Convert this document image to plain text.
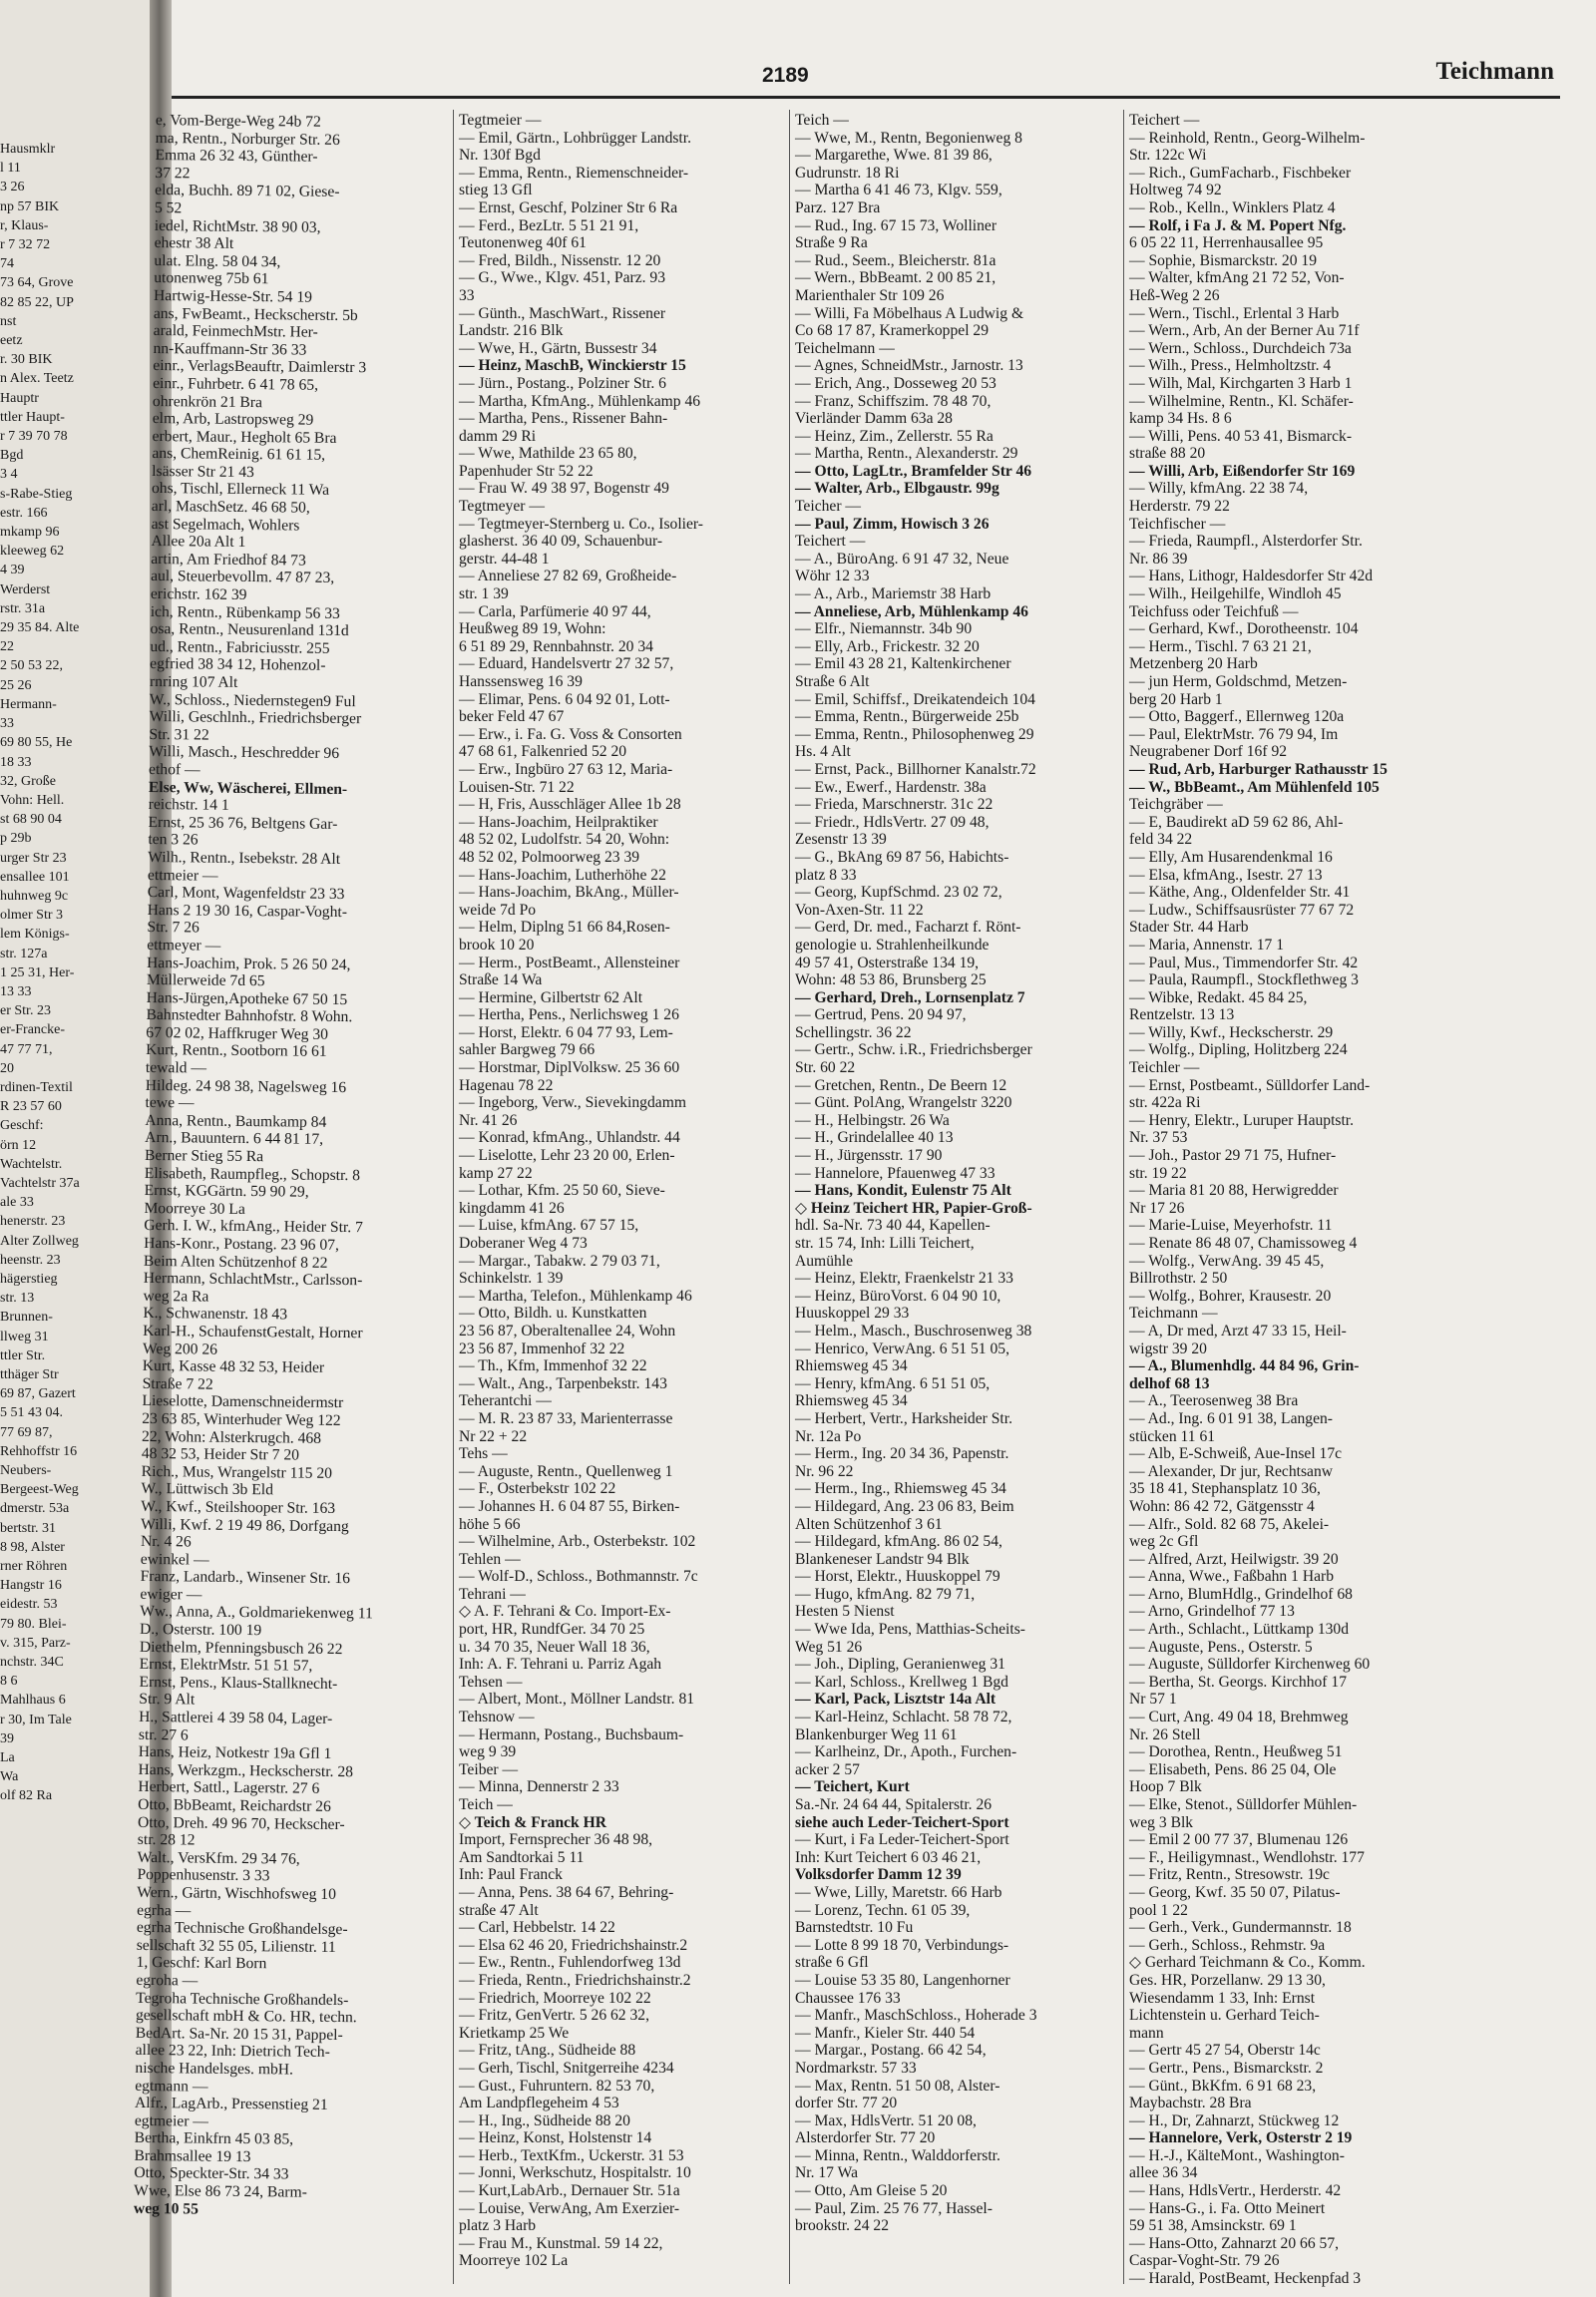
Hausmklr
l 11
3 26
np 57 BIK
r, Klaus-
r 7 32 72
74
73 64, Grove
82 85 22, UP
nst
eetz
r. 30 BIK
n Alex. Teetz
Hauptr
ttler Haupt-
r 7 39 70 78
Bgd
3 4
s-Rabe-Stieg
estr. 166
mkamp 96
kleeweg 62
4 39
Werderst
rstr. 31a
29 35 84. Alte
22
2 50 53 22,
25 26
Hermann-
33
69 80 55, He
18 33
32, Große
Vohn: Hell.
st 68 90 04
p 29b
urger Str 23
ensallee 101
huhnweg 9c
olmer Str 3
lem Königs-
str. 127a
1 25 31, Her-
13 33
er Str. 23
er-Francke-
47 77 71,
20
rdinen-Textil
R 23 57 60
Geschf:
örn 12
Wachtelstr.
Vachtelstr 37a
ale 33
henerstr. 23
Alter Zollweg
heenstr. 23
hägerstieg
str. 13
Brunnen-
llweg 31
ttler Str.
tthäger Str
69 87, Gazert
5 51 43 04.
77 69 87,
Rehhoffstr 16
Neubers-
Bergeest-Weg
dmerstr. 53a
bertstr. 31
8 98, Alster
rner Röhren
Hangstr 16
eidestr. 53
79 80. Blei-
v. 315, Parz-
nchstr. 34C
8 6
Mahlhaus 6
r 30, Im Tale
39
La
Wa
olf 82 Ra
2189	Teichmann
e, Vom-Berge-Weg 24b 72
ma, Rentn., Norburger Str. 26
Emma 26 32 43, Günther-
37 22
elda, Buchh. 89 71 02, Giese-
5 52
iedel, RichtMstr. 38 90 03,
ehestr 38 Alt
ulat. Elng. 58 04 34,
utonenweg 75b 61
Hartwig-Hesse-Str. 54 19
ans, FwBeamt., Heckscherstr. 5b
arald, FeinmechMstr. Her-
nn-Kauffmann-Str 36 33
einr., VerlagsBeauftr, Daimlerstr 3
einr., Fuhrbetr. 6 41 78 65,
ohrenkrön 21 Bra
elm, Arb, Lastropsweg 29
erbert, Maur., Hegholt 65 Bra
ans, ChemReinig. 61 61 15,
lsässer Str 21 43
ohs, Tischl, Ellerneck 11 Wa
arl, MaschSetz. 46 68 50,
ast Segelmach, Wohlers
Allee 20a Alt 1
artin, Am Friedhof 84 73
aul, Steuerbevollm. 47 87 23,
erichstr. 162 39
ich, Rentn., Rübenkamp 56 33
osa, Rentn., Neusurenland 131d
ud., Rentn., Fabriciusstr. 255
egfried 38 34 12, Hohenzol-
rnring 107 Alt
W., Schloss., Niedernstegen9 Ful
Willi, Geschlnh., Friedrichsberger
Str. 31 22
Willi, Masch., Heschredder 96
ethof —
Else, Ww, Wäscherei, Ellmen-
reichstr. 14 1
Ernst, 25 36 76, Beltgens Gar-
ten 3 26
Wilh., Rentn., Isebekstr. 28 Alt
ettmeier —
Carl, Mont, Wagenfeldstr 23 33
Hans 2 19 30 16, Caspar-Voght-
Str. 7 26
ettmeyer —
Hans-Joachim, Prok. 5 26 50 24,
Müllerweide 7d 65
Hans-Jürgen,Apotheke 67 50 15
Bahnstedter Bahnhofstr. 8 Wohn.
67 02 02, Haffkruger Weg 30
Kurt, Rentn., Sootborn 16 61
tewald —
Hildeg. 24 98 38, Nagelsweg 16
tewe —
Anna, Rentn., Baumkamp 84
Arn., Bauuntern. 6 44 81 17,
Berner Stieg 55 Ra
Elisabeth, Raumpfleg., Schopstr. 8
Ernst, KGGärtn. 59 90 29,
Moorreye 30 La
Gerh. I. W., kfmAng., Heider Str. 7
Hans-Konr., Postang. 23 96 07,
Beim Alten Schützenhof 8 22
Hermann, SchlachtMstr., Carlsson-
weg 2a Ra
K., Schwanenstr. 18 43
Karl-H., SchaufenstGestalt, Horner
Weg 200 26
Kurt, Kasse 48 32 53, Heider
Straße 7 22
Lieselotte, Damenschneidermstr
23 63 85, Winterhuder Weg 122
22, Wohn: Alsterkrugch. 468
48 32 53, Heider Str 7 20
Rich., Mus, Wrangelstr 115 20
W., Lüttwisch 3b Eld
W., Kwf., Steilshooper Str. 163
Willi, Kwf. 2 19 49 86, Dorfgang
Nr. 4 26
ewinkel —
Franz, Landarb., Winsener Str. 16
ewiger —
Ww., Anna, A., Goldmariekenweg 11
D., Osterstr. 100 19
Diethelm, Pfenningsbusch 26 22
Ernst, ElektrMstr. 51 51 57,
Ernst, Pens., Klaus-Stallknecht-
Str. 9 Alt
H., Sattlerei 4 39 58 04, Lager-
str. 27 6
Hans, Heiz, Notkestr 19a Gfl 1
Hans, Werkzgm., Heckscherstr. 28
Herbert, Sattl., Lagerstr. 27 6
Otto, BbBeamt, Reichardstr 26
Otto, Dreh. 49 96 70, Heckscher-
str. 28 12
Walt., VersKfm. 29 34 76,
Poppenhusenstr. 3 33
Wern., Gärtn, Wischhofsweg 10
egrha —
egrha Technische Großhandelsge-
sellschaft 32 55 05, Lilienstr. 11
1, Geschf: Karl Born
egroha —
Tegroha Technische Großhandels-
gesellschaft mbH & Co. HR, techn.
BedArt. Sa-Nr. 20 15 31, Pappel-
allee 23 22, Inh: Dietrich Tech-
nische Handelsges. mbH.
egtmann —
Alfr., LagArb., Pressenstieg 21
egtmeier —
Bertha, Einkfrn 45 03 85,
Brahmsallee 19 13
Otto, Speckter-Str. 34 33
Wwe, Else 86 73 24, Barm-
weg 10 55
Tegtmeier —
— Emil, Gärtn., Lohbrügger Landstr.
Nr. 130f Bgd
— Emma, Rentn., Riemenschneider-
stieg 13 Gfl
— Ernst, Geschf, Polziner Str 6 Ra
— Ferd., BezLtr. 5 51 21 91,
Teutonenweg 40f 61
— Fred, Bildh., Nissenstr. 12 20
— G., Wwe., Klgv. 451, Parz. 93
33
— Günth., MaschWart., Rissener
Landstr. 216 Blk
— Wwe, H., Gärtn, Bussestr 34
— Heinz, MaschB, Winckierstr 15
— Jürn., Postang., Polziner Str. 6
— Martha, KfmAng., Mühlenkamp 46
— Martha, Pens., Rissener Bahn-
damm 29 Ri
— Wwe, Mathilde 23 65 80,
Papenhuder Str 52 22
— Frau W. 49 38 97, Bogenstr 49
Tegtmeyer —
— Tegtmeyer-Sternberg u. Co., Isolier-
glasherst. 36 40 09, Schauenbur-
gerstr. 44-48 1
— Anneliese 27 82 69, Großheide-
str. 1 39
— Carla, Parfümerie 40 97 44,
Heußweg 89 19, Wohn:
6 51 89 29, Rennbahnstr. 20 34
— Eduard, Handelsvertr 27 32 57,
Hanssensweg 16 39
— Elimar, Pens. 6 04 92 01, Lott-
beker Feld 47 67
— Erw., i. Fa. G. Voss & Consorten
47 68 61, Falkenried 52 20
— Erw., Ingbüro 27 63 12, Maria-
Louisen-Str. 71 22
— H, Fris, Ausschläger Allee 1b 28
— Hans-Joachim, Heilpraktiker
48 52 02, Ludolfstr. 54 20, Wohn:
48 52 02, Polmoorweg 23 39
— Hans-Joachim, Lutherhöhe 22
— Hans-Joachim, BkAng., Müller-
weide 7d Po
— Helm, Diplng 51 66 84,Rosen-
brook 10 20
— Herm., PostBeamt., Allensteiner
Straße 14 Wa
— Hermine, Gilbertstr 62 Alt
— Hertha, Pens., Nerlichsweg 1 26
— Horst, Elektr. 6 04 77 93, Lem-
sahler Bargweg 79 66
— Horstmar, DiplVolksw. 25 36 60
Hagenau 78 22
— Ingeborg, Verw., Sievekingdamm
Nr. 41 26
— Konrad, kfmAng., Uhlandstr. 44
— Liselotte, Lehr 23 20 00, Erlen-
kamp 27 22
— Lothar, Kfm. 25 50 60, Sieve-
kingdamm 41 26
— Luise, kfmAng. 67 57 15,
Doberaner Weg 4 73
— Margar., Tabakw. 2 79 03 71,
Schinkelstr. 1 39
— Martha, Telefon., Mühlenkamp 46
— Otto, Bildh. u. Kunstkatten
23 56 87, Oberaltenallee 24, Wohn
23 56 87, Immenhof 32 22
— Th., Kfm, Immenhof 32 22
— Walt., Ang., Tarpenbekstr. 143
Teherantchi —
— M. R. 23 87 33, Marienterrasse
Nr 22 + 22
Tehs —
— Auguste, Rentn., Quellenweg 1
— F., Osterbekstr 102 22
— Johannes H. 6 04 87 55, Birken-
höhe 5 66
— Wilhelmine, Arb., Osterbekstr. 102
Tehlen —
— Wolf-D., Schloss., Bothmannstr. 7c
Tehrani —
◇ A. F. Tehrani & Co. Import-Ex-
port, HR, RundfGer. 34 70 25
u. 34 70 35, Neuer Wall 18 36,
Inh: A. F. Tehrani u. Parriz Agah
Tehsen —
— Albert, Mont., Möllner Landstr. 81
Tehsnow —
— Hermann, Postang., Buchsbaum-
weg 9 39
Teiber —
— Minna, Dennerstr 2 33
Teich —
◇ Teich & Franck HR
Import, Fernsprecher 36 48 98,
Am Sandtorkai 5 11
Inh: Paul Franck
— Anna, Pens. 38 64 67, Behring-
straße 47 Alt
— Carl, Hebbelstr. 14 22
— Elsa 62 46 20, Friedrichshainstr.2
— Ew., Rentn., Fuhlendorfweg 13d
— Frieda, Rentn., Friedrichshainstr.2
— Friedrich, Moorreye 102 22
— Fritz, GenVertr. 5 26 62 32,
Krietkamp 25 We
— Fritz, tAng., Südheide 88
— Gerh, Tischl, Snitgerreihe 4234
— Gust., Fuhruntern. 82 53 70,
Am Landpflegeheim 4 53
— H., Ing., Südheide 88 20
— Heinz, Konst, Holstenstr 14
— Herb., TextKfm., Uckerstr. 31 53
— Jonni, Werkschutz, Hospitalstr. 10
— Kurt,LabArb., Dernauer Str. 51a
— Louise, VerwAng, Am Exerzier-
platz 3 Harb
— Frau M., Kunstmal. 59 14 22,
Moorreye 102 La
Teich —
— Wwe, M., Rentn, Begonienweg 8
— Margarethe, Wwe. 81 39 86,
Gudrunstr. 18 Ri
— Martha 6 41 46 73, Klgv. 559,
Parz. 127 Bra
— Rud., Ing. 67 15 73, Wolliner
Straße 9 Ra
— Rud., Seem., Bleicherstr. 81a
— Wern., BbBeamt. 2 00 85 21,
Marienthaler Str 109 26
— Willi, Fa Möbelhaus A Ludwig &
Co 68 17 87, Kramerkoppel 29
Teichelmann —
— Agnes, SchneidMstr., Jarnostr. 13
— Erich, Ang., Dosseweg 20 53
— Franz, Schiffszim. 78 48 70,
Vierländer Damm 63a 28
— Heinz, Zim., Zellerstr. 55 Ra
— Martha, Rentn., Alexanderstr. 29
— Otto, LagLtr., Bramfelder Str 46
— Walter, Arb., Elbgaustr. 99g
Teicher —
— Paul, Zimm, Howisch 3 26
Teichert —
— A., BüroAng. 6 91 47 32, Neue
Wöhr 12 33
— A., Arb., Mariemstr 38 Harb
— Anneliese, Arb, Mühlenkamp 46
— Elfr., Niemannstr. 34b 90
— Elly, Arb., Frickestr. 32 20
— Emil 43 28 21, Kaltenkirchener
Straße 6 Alt
— Emil, Schiffsf., Dreikatendeich 104
— Emma, Rentn., Bürgerweide 25b
— Emma, Rentn., Philosophenweg 29
Hs. 4 Alt
— Ernst, Pack., Billhorner Kanalstr.72
— Ew., Ewerf., Hardenstr. 38a
— Frieda, Marschnerstr. 31c 22
— Friedr., HdlsVertr. 27 09 48,
Zesenstr 13 39
— G., BkAng 69 87 56, Habichts-
platz 8 33
— Georg, KupfSchmd. 23 02 72,
Von-Axen-Str. 11 22
— Gerd, Dr. med., Facharzt f. Rönt-
genologie u. Strahlenheilkunde
49 57 41, Osterstraße 134 19,
Wohn: 48 53 86, Brunsberg 25
— Gerhard, Dreh., Lornsenplatz 7
— Gertrud, Pens. 20 94 97,
Schellingstr. 36 22
— Gertr., Schw. i.R., Friedrichsberger
Str. 60 22
— Gretchen, Rentn., De Beern 12
— Günt. PolAng, Wrangelstr 3220
— H., Helbingstr. 26 Wa
— H., Grindelallee 40 13
— H., Jürgensstr. 17 90
— Hannelore, Pfauenweg 47 33
— Hans, Kondit, Eulenstr 75 Alt
◇ Heinz Teichert HR, Papier-Groß-
hdl. Sa-Nr. 73 40 44, Kapellen-
str. 15 74, Inh: Lilli Teichert,
Aumühle
— Heinz, Elektr, Fraenkelstr 21 33
— Heinz, BüroVorst. 6 04 90 10,
Huuskoppel 29 33
— Helm., Masch., Buschrosenweg 38
— Henrico, VerwAng. 6 51 51 05,
Rhiemsweg 45 34
— Henry, kfmAng. 6 51 51 05,
Rhiemsweg 45 34
— Herbert, Vertr., Harksheider Str.
Nr. 12a Po
— Herm., Ing. 20 34 36, Papenstr.
Nr. 96 22
— Herm., Ing., Rhiemsweg 45 34
— Hildegard, Ang. 23 06 83, Beim
Alten Schützenhof 3 61
— Hildegard, kfmAng. 86 02 54,
Blankeneser Landstr 94 Blk
— Horst, Elektr., Huuskoppel 79
— Hugo, kfmAng. 82 79 71,
Hesten 5 Nienst
— Wwe Ida, Pens, Matthias-Scheits-
Weg 51 26
— Joh., Dipling, Geranienweg 31
— Karl, Schloss., Krellweg 1 Bgd
— Karl, Pack, Lisztstr 14a Alt
— Karl-Heinz, Schlacht. 58 78 72,
Blankenburger Weg 11 61
— Karlheinz, Dr., Apoth., Furchen-
acker 2 57
— Teichert, Kurt
Sa.-Nr. 24 64 44, Spitalerstr. 26
siehe auch Leder-Teichert-Sport
— Kurt, i Fa Leder-Teichert-Sport
Inh: Kurt Teichert 6 03 46 21,
Volksdorfer Damm 12 39
— Wwe, Lilly, Maretstr. 66 Harb
— Lorenz, Techn. 61 05 39,
Barnstedtstr. 10 Fu
— Lotte 8 99 18 70, Verbindungs-
straße 6 Gfl
— Louise 53 35 80, Langenhorner
Chaussee 176 33
— Manfr., MaschSchloss., Hoherade 3
— Manfr., Kieler Str. 440 54
— Margar., Postang. 66 42 54,
Nordmarkstr. 57 33
— Max, Rentn. 51 50 08, Alster-
dorfer Str. 77 20
— Max, HdlsVertr. 51 20 08,
Alsterdorfer Str. 77 20
— Minna, Rentn., Walddorferstr.
Nr. 17 Wa
— Otto, Am Gleise 5 20
— Paul, Zim. 25 76 77, Hassel-
brookstr. 24 22
Teichert —
— Reinhold, Rentn., Georg-Wilhelm-
Str. 122c Wi
— Rich., GumFacharb., Fischbeker
Holtweg 74 92
— Rob., Kelln., Winklers Platz 4
— Rolf, i Fa J. & M. Popert Nfg.
6 05 22 11, Herrenhausallee 95
— Sophie, Bismarckstr. 20 19
— Walter, kfmAng 21 72 52, Von-
Heß-Weg 2 26
— Wern., Tischl., Erlental 3 Harb
— Wern., Arb, An der Berner Au 71f
— Wern., Schloss., Durchdeich 73a
— Wilh., Press., Helmholtzstr. 4
— Wilh, Mal, Kirchgarten 3 Harb 1
— Wilhelmine, Rentn., Kl. Schäfer-
kamp 34 Hs. 8 6
— Willi, Pens. 40 53 41, Bismarck-
straße 88 20
— Willi, Arb, Eißendorfer Str 169
— Willy, kfmAng. 22 38 74,
Herderstr. 79 22
Teichfischer —
— Frieda, Raumpfl., Alsterdorfer Str.
Nr. 86 39
— Hans, Lithogr, Haldesdorfer Str 42d
— Wilh., Heilgehilfe, Windloh 45
Teichfuss oder Teichfuß —
— Gerhard, Kwf., Dorotheenstr. 104
— Herm., Tischl. 7 63 21 21,
Metzenberg 20 Harb
— jun Herm, Goldschmd, Metzen-
berg 20 Harb 1
— Otto, Baggerf., Ellernweg 120a
— Paul, ElektrMstr. 76 79 94, Im
Neugrabener Dorf 16f 92
— Rud, Arb, Harburger Rathausstr 15
— W., BbBeamt., Am Mühlenfeld 105
Teichgräber —
— E, Baudirekt aD 59 62 86, Ahl-
feld 34 22
— Elly, Am Husarendenkmal 16
— Elsa, kfmAng., Isestr. 27 13
— Käthe, Ang., Oldenfelder Str. 41
— Ludw., Schiffsausrüster 77 67 72
Stader Str. 44 Harb
— Maria, Annenstr. 17 1
— Paul, Mus., Timmendorfer Str. 42
— Paula, Raumpfl., Stockflethweg 3
— Wibke, Redakt. 45 84 25,
Rentzelstr. 13 13
— Willy, Kwf., Heckscherstr. 29
— Wolfg., Dipling, Holitzberg 224
Teichler —
— Ernst, Postbeamt., Sülldorfer Land-
str. 422a Ri
— Henry, Elektr., Luruper Hauptstr.
Nr. 37 53
— Joh., Pastor 29 71 75, Hufner-
str. 19 22
— Maria 81 20 88, Herwigredder
Nr 17 26
— Marie-Luise, Meyerhofstr. 11
— Renate 86 48 07, Chamissoweg 4
— Wolfg., VerwAng. 39 45 45,
Billrothstr. 2 50
— Wolfg., Bohrer, Krausestr. 20
Teichmann —
— A, Dr med, Arzt 47 33 15, Heil-
wigstr 39 20
— A., Blumenhdlg. 44 84 96, Grin-
delhof 68 13
— A., Teerosenweg 38 Bra
— Ad., Ing. 6 01 91 38, Langen-
stücken 11 61
— Alb, E-Schweiß, Aue-Insel 17c
— Alexander, Dr jur, Rechtsanw
35 18 41, Stephansplatz 10 36,
Wohn: 86 42 72, Gätgensstr 4
— Alfr., Sold. 82 68 75, Akelei-
weg 2c Gfl
— Alfred, Arzt, Heilwigstr. 39 20
— Anna, Wwe., Faßbahn 1 Harb
— Arno, BlumHdlg., Grindelhof 68
— Arno, Grindelhof 77 13
— Arth., Schlacht., Lüttkamp 130d
— Auguste, Pens., Osterstr. 5
— Auguste, Sülldorfer Kirchenweg 60
— Bertha, St. Georgs. Kirchhof 17
Nr 57 1
— Curt, Ang. 49 04 18, Brehmweg
Nr. 26 Stell
— Dorothea, Rentn., Heußweg 51
— Elisabeth, Pens. 86 25 04, Ole
Hoop 7 Blk
— Elke, Stenot., Sülldorfer Mühlen-
weg 3 Blk
— Emil 2 00 77 37, Blumenau 126
— F., Heiligymnast., Wendlohstr. 177
— Fritz, Rentn., Stresowstr. 19c
— Georg, Kwf. 35 50 07, Pilatus-
pool 1 22
— Gerh., Verk., Gundermannstr. 18
— Gerh., Schloss., Rehmstr. 9a
◇ Gerhard Teichmann & Co., Komm.
Ges. HR, Porzellanw. 29 13 30,
Wiesendamm 1 33, Inh: Ernst
Lichtenstein u. Gerhard Teich-
mann
— Gertr 45 27 54, Oberstr 14c
— Gertr., Pens., Bismarckstr. 2
— Günt., BkKfm. 6 91 68 23,
Maybachstr. 28 Bra
— H., Dr, Zahnarzt, Stückweg 12
— Hannelore, Verk, Osterstr 2 19
— H.-J., KälteMont., Washington-
allee 36 34
— Hans, HdlsVertr., Herderstr. 42
— Hans-G., i. Fa. Otto Meinert
59 51 38, Amsinckstr. 69 1
— Hans-Otto, Zahnarzt 20 66 57,
Caspar-Voght-Str. 79 26
— Harald, PostBeamt, Heckenpfad 3
